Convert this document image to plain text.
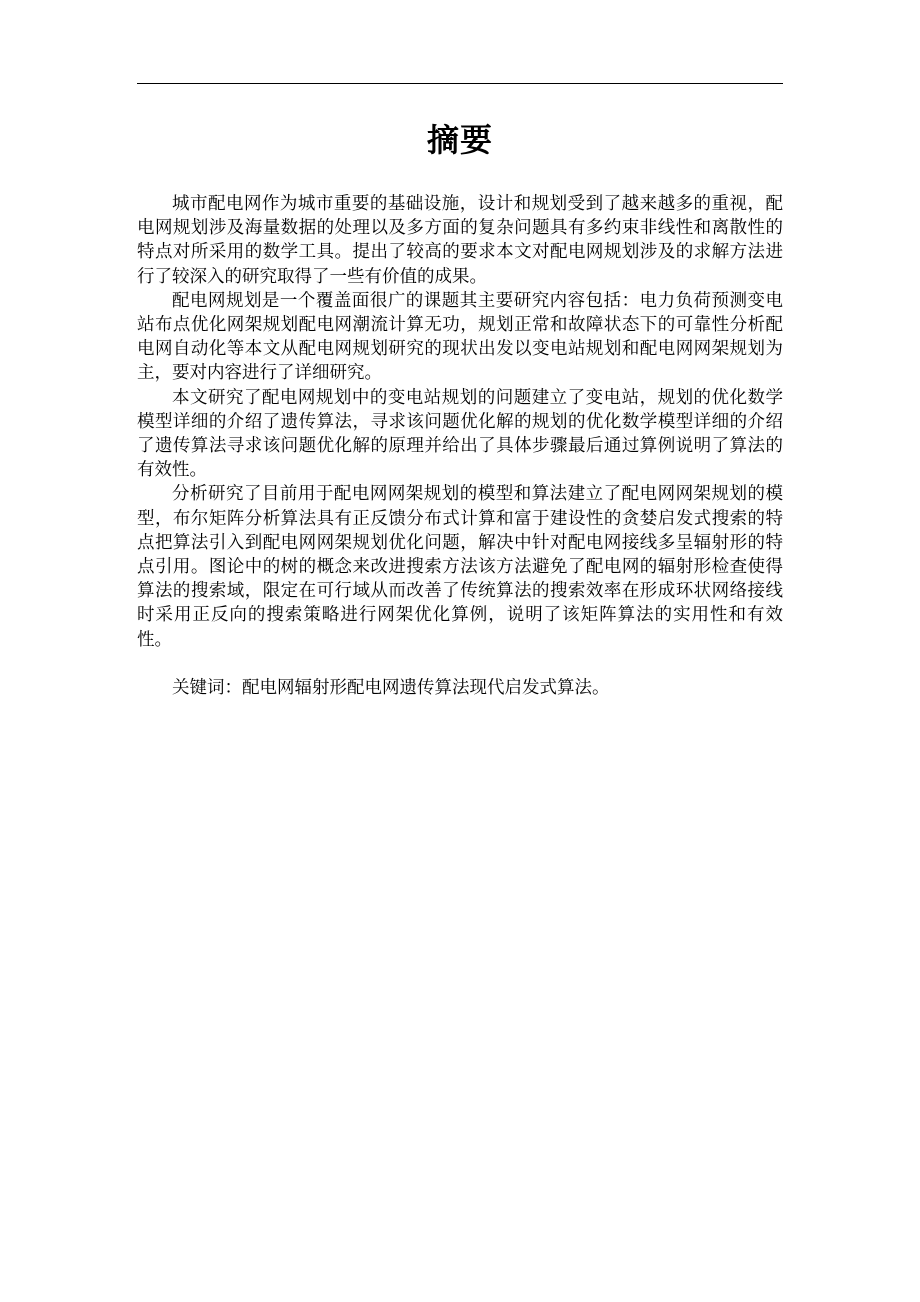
摘要

城市配电网作为城市重要的基础设施，设计和规划受到了越来越多的重视，配电网规划涉及海量数据的处理以及多方面的复杂问题具有多约束非线性和离散性的特点对所采用的数学工具。提出了较高的要求本文对配电网规划涉及的求解方法进行了较深入的研究取得了一些有价值的成果。

配电网规划是一个覆盖面很广的课题其主要研究内容包括：电力负荷预测变电站布点优化网架规划配电网潮流计算无功，规划正常和故障状态下的可靠性分析配电网自动化等本文从配电网规划研究的现状出发以变电站规划和配电网网架规划为主，要对内容进行了详细研究。

本文研究了配电网规划中的变电站规划的问题建立了变电站，规划的优化数学模型详细的介绍了遗传算法，寻求该问题优化解的规划的优化数学模型详细的介绍了遗传算法寻求该问题优化解的原理并给出了具体步骤最后通过算例说明了算法的有效性。

分析研究了目前用于配电网网架规划的模型和算法建立了配电网网架规划的模型，布尔矩阵分析算法具有正反馈分布式计算和富于建设性的贪婪启发式搜索的特点把算法引入到配电网网架规划优化问题，解决中针对配电网接线多呈辐射形的特点引用。图论中的树的概念来改进搜索方法该方法避免了配电网的辐射形检查使得算法的搜索域，限定在可行域从而改善了传统算法的搜索效率在形成环状网络接线时采用正反向的搜索策略进行网架优化算例，说明了该矩阵算法的实用性和有效性。

关键词：配电网辐射形配电网遗传算法现代启发式算法。
